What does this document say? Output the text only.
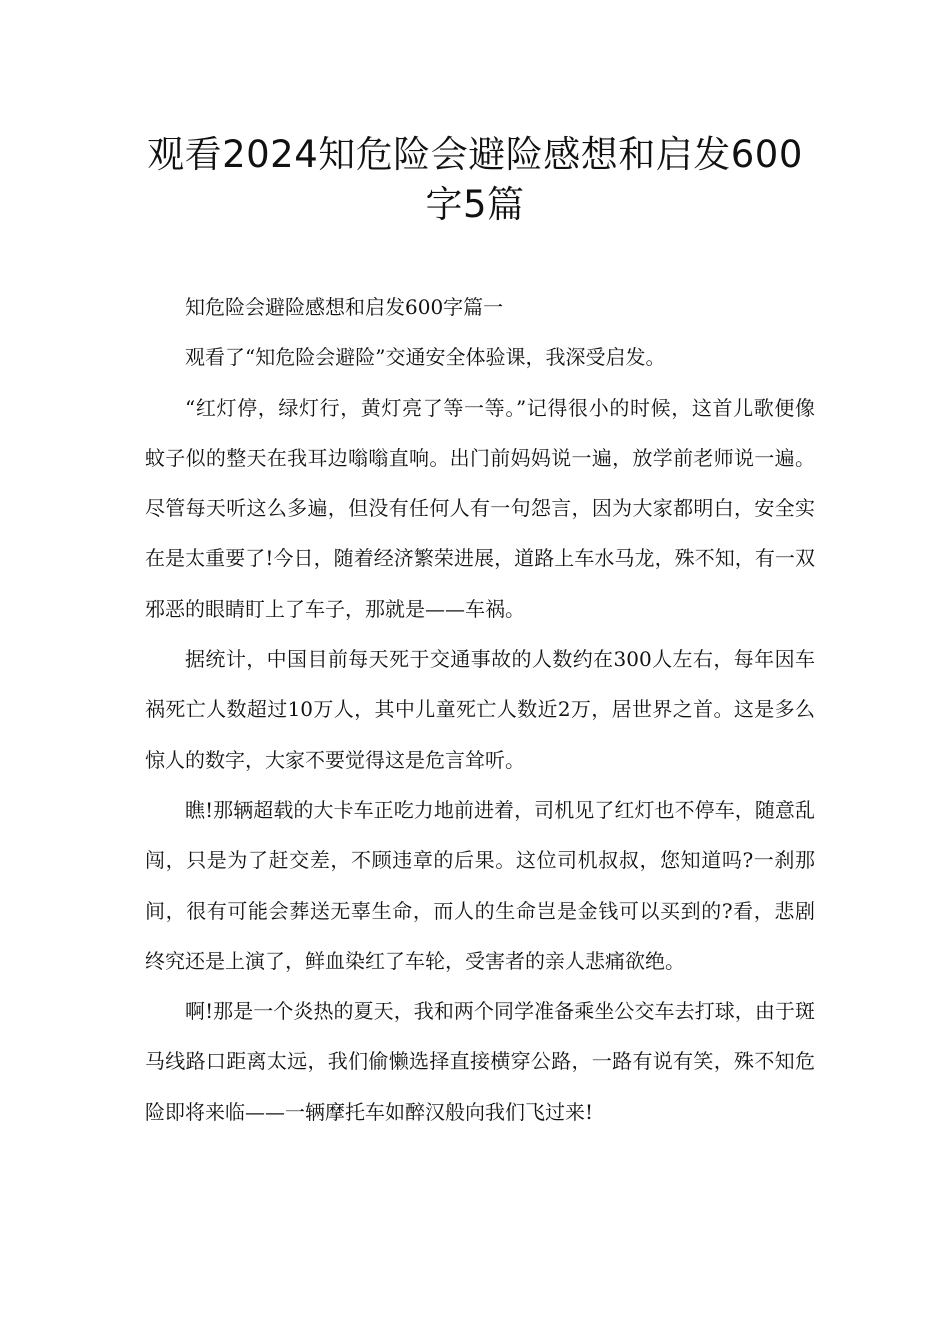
观看2024知危险会避险感想和启发600
字5篇

知危险会避险感想和启发600字篇一

观看了“知危险会避险”交通安全体验课，我深受启发。

“红灯停，绿灯行，黄灯亮了等一等。”记得很小的时候，这首儿歌便像蚊子似的整天在我耳边嗡嗡直响。出门前妈妈说一遍，放学前老师说一遍。尽管每天听这么多遍，但没有任何人有一句怨言，因为大家都明白，安全实在是太重要了!今日，随着经济繁荣进展，道路上车水马龙，殊不知，有一双邪恶的眼睛盯上了车子，那就是——车祸。

据统计，中国目前每天死于交通事故的人数约在300人左右，每年因车祸死亡人数超过10万人，其中儿童死亡人数近2万，居世界之首。这是多么惊人的数字，大家不要觉得这是危言耸听。

瞧!那辆超载的大卡车正吃力地前进着，司机见了红灯也不停车，随意乱闯，只是为了赶交差，不顾违章的后果。这位司机叔叔，您知道吗?一刹那间，很有可能会葬送无辜生命，而人的生命岂是金钱可以买到的?看，悲剧终究还是上演了，鲜血染红了车轮，受害者的亲人悲痛欲绝。

啊!那是一个炎热的夏天，我和两个同学准备乘坐公交车去打球，由于斑马线路口距离太远，我们偷懒选择直接横穿公路，一路有说有笑，殊不知危险即将来临——一辆摩托车如醉汉般向我们飞过来!
